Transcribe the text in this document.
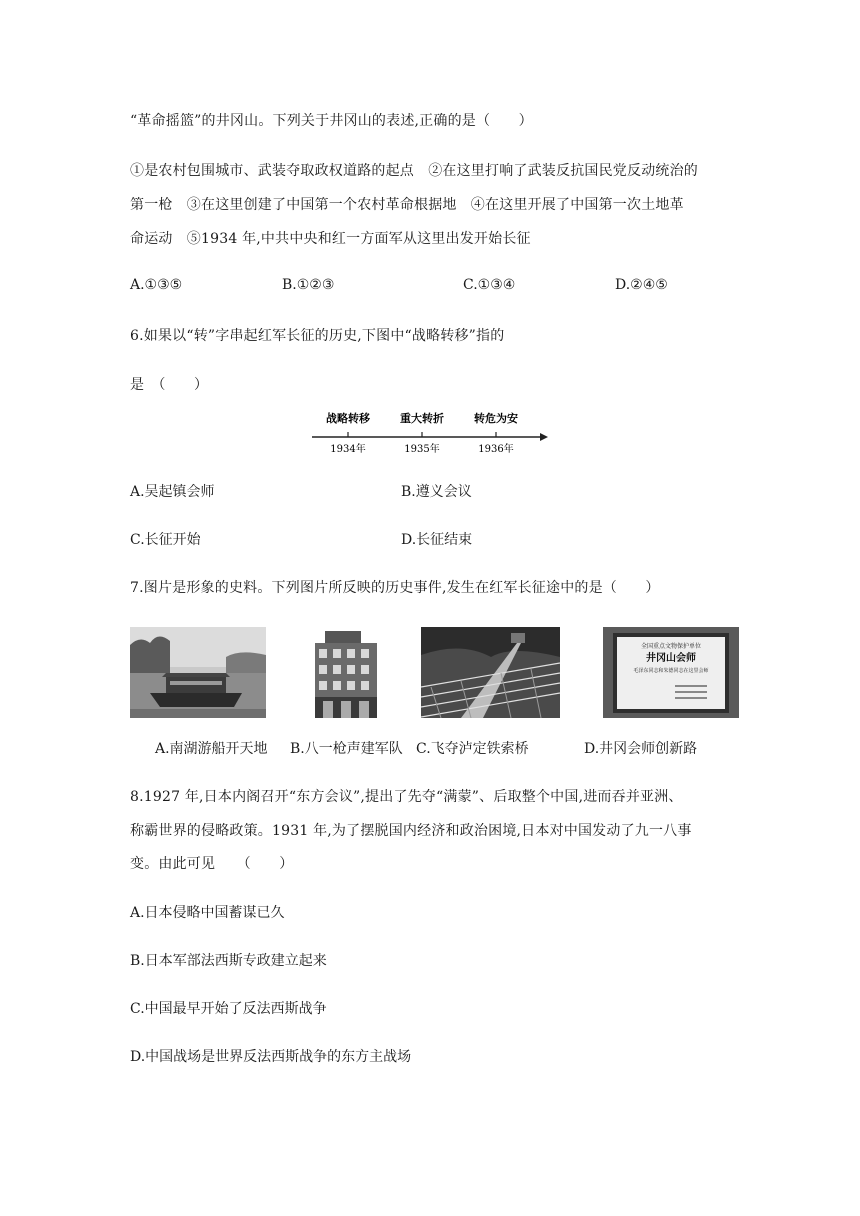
“革命摇篮”的井冈山。下列关于井冈山的表述,正确的是（　　）
①是农村包围城市、武装夺取政权道路的起点　②在这里打响了武装反抗国民党反动统治的
第一枪　③在这里创建了中国第一个农村革命根据地　④在这里开展了中国第一次土地革
命运动　⑤1934 年,中共中央和红一方面军从这里出发开始长征
A.①③⑤	B.①②③	C.①③④	D.②④⑤
6.如果以“转”字串起红军长征的历史,下图中“战略转移”指的
是　（　　）
战略转移	重大转折	转危为安
1934年	1935年	1936年
A.吴起镇会师	B.遵义会议
C.长征开始	D.长征结束
7.图片是形象的史料。下列图片所反映的历史事件,发生在红军长征途中的是（　　）
全国重点文物保护单位
井冈山会师
毛泽东同志和朱德同志在这里会师
A.南湖游船开天地 B.八一枪声建军队 C.飞夺泸定铁索桥	D.井冈会师创新路
8.1927 年,日本内阁召开“东方会议”,提出了先夺“满蒙”、后取整个中国,进而吞并亚洲、
称霸世界的侵略政策。1931 年,为了摆脱国内经济和政治困境,日本对中国发动了九一八事
变。由此可见　　（　　）
A.日本侵略中国蓄谋已久
B.日本军部法西斯专政建立起来
C.中国最早开始了反法西斯战争
D.中国战场是世界反法西斯战争的东方主战场
